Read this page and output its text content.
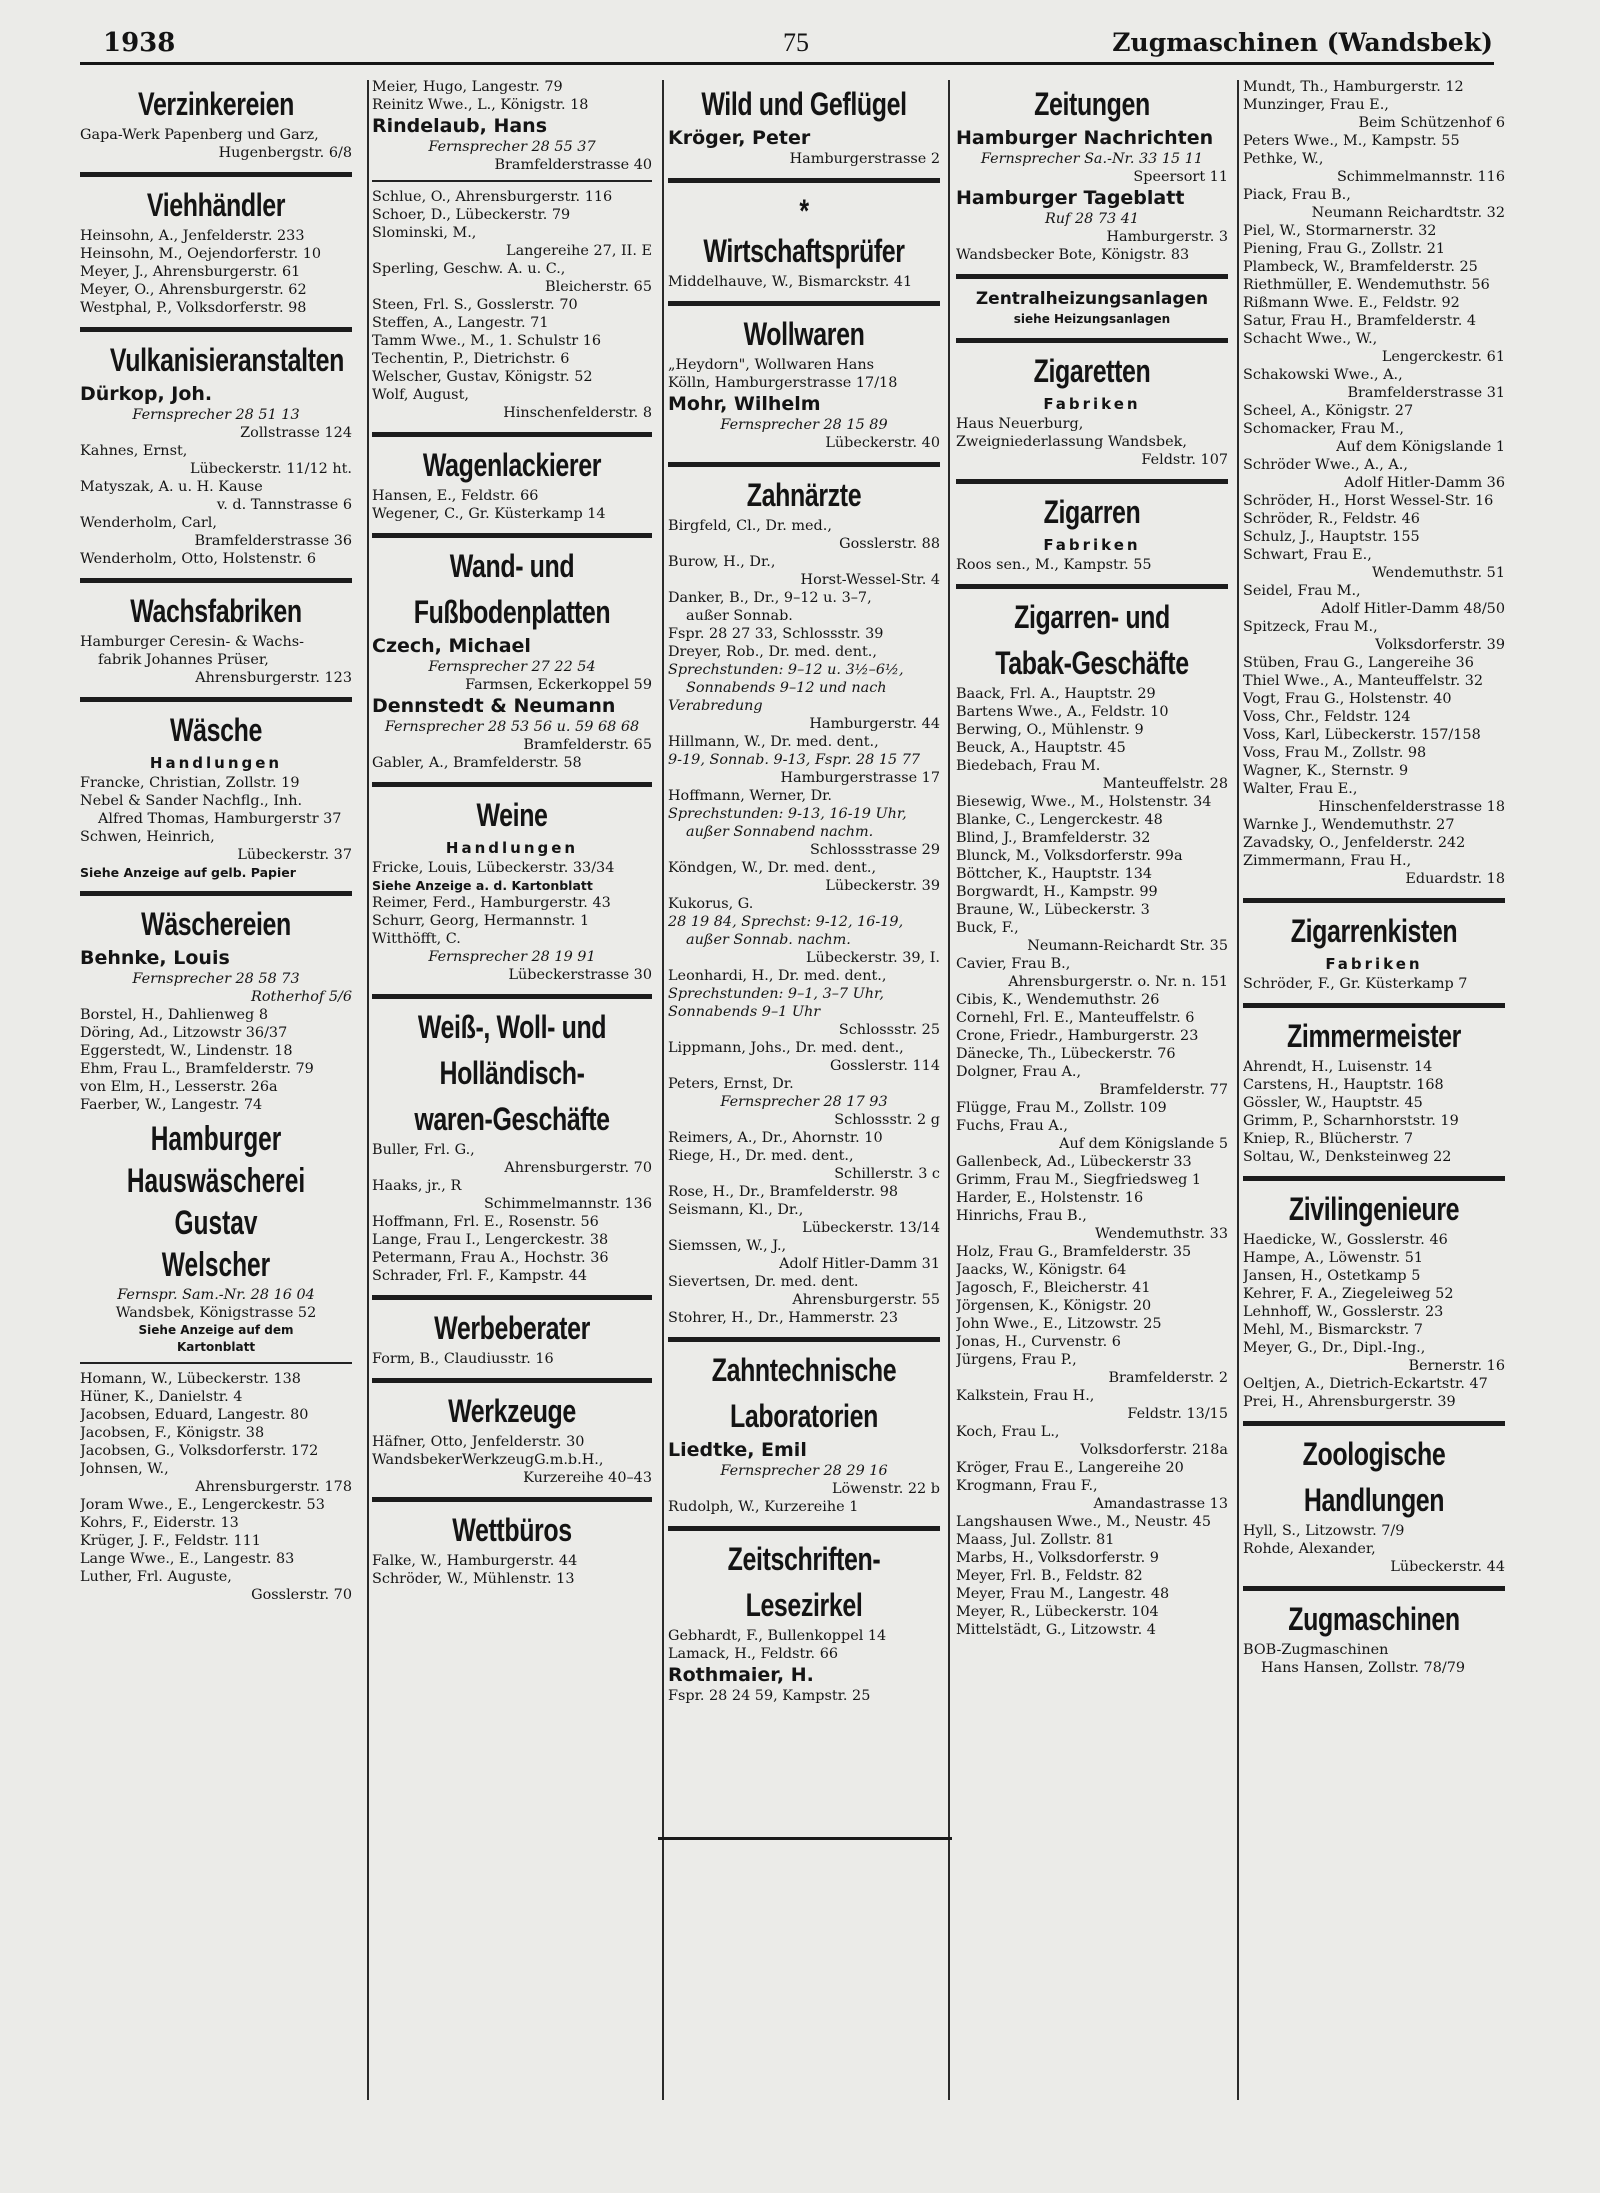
1938	75	Zugmaschinen (Wandsbek)
Verzinkereien
Gapa-Werk Papenberg und Garz,
Hugenbergstr. 6/8
Viehhändler
Heinsohn, A., Jenfelderstr. 233
Heinsohn, M., Oejendorferstr. 10
Meyer, J., Ahrensburgerstr. 61
Meyer, O., Ahrensburgerstr. 62
Westphal, P., Volksdorferstr. 98
Vulkanisieranstalten
Dürkop, Joh.
Fernsprecher 28 51 13
Zollstrasse 124
Kahnes, Ernst,
Lübeckerstr. 11/12 ht.
Matyszak, A. u. H. Kause
v. d. Tannstrasse 6
Wenderholm, Carl,
Bramfelderstrasse 36
Wenderholm, Otto, Holstenstr. 6
Wachsfabriken
Hamburger Ceresin- & Wachs-
fabrik Johannes Prüser,
Ahrensburgerstr. 123
Wäsche
Handlungen
Francke, Christian, Zollstr. 19
Nebel & Sander Nachflg., Inh.
Alfred Thomas, Hamburgerstr 37
Schwen, Heinrich,
Lübeckerstr. 37
Siehe Anzeige auf gelb. Papier
Wäschereien
Behnke, Louis
Fernsprecher 28 58 73
Rotherhof 5/6
Borstel, H., Dahlienweg 8
Döring, Ad., Litzowstr 36/37
Eggerstedt, W., Lindenstr. 18
Ehm, Frau L., Bramfelderstr. 79
von Elm, H., Lesserstr. 26a
Faerber, W., Langestr. 74
Hamburger
Hauswäscherei
Gustav Welscher
Fernspr. Sam.-Nr. 28 16 04
Wandsbek, Königstrasse 52
Siehe Anzeige auf dem
Kartonblatt
Homann, W., Lübeckerstr. 138
Hüner, K., Danielstr. 4
Jacobsen, Eduard, Langestr. 80
Jacobsen, F., Königstr. 38
Jacobsen, G., Volksdorferstr. 172
Johnsen, W.,
Ahrensburgerstr. 178
Joram Wwe., E., Lengerckestr. 53
Kohrs, F., Eiderstr. 13
Krüger, J. F., Feldstr. 111
Lange Wwe., E., Langestr. 83
Luther, Frl. Auguste,
Gosslerstr. 70
Meier, Hugo, Langestr. 79
Reinitz Wwe., L., Königstr. 18
Rindelaub, Hans
Fernsprecher 28 55 37
Bramfelderstrasse 40
Schlue, O., Ahrensburgerstr. 116
Schoer, D., Lübeckerstr. 79
Slominski, M.,
Langereihe 27, II. E
Sperling, Geschw. A. u. C.,
Bleicherstr. 65
Steen, Frl. S., Gosslerstr. 70
Steffen, A., Langestr. 71
Tamm Wwe., M., 1. Schulstr 16
Techentin, P., Dietrichstr. 6
Welscher, Gustav, Königstr. 52
Wolf, August,
Hinschenfelderstr. 8
Wagenlackierer
Hansen, E., Feldstr. 66
Wegener, C., Gr. Küsterkamp 14
Wand- und
Fußbodenplatten
Czech, Michael
Fernsprecher 27 22 54
Farmsen, Eckerkoppel 59
Dennstedt & Neumann
Fernsprecher 28 53 56 u. 59 68 68
Bramfelderstr. 65
Gabler, A., Bramfelderstr. 58
Weine
Handlungen
Fricke, Louis, Lübeckerstr. 33/34
Siehe Anzeige a. d. Kartonblatt
Reimer, Ferd., Hamburgerstr. 43
Schurr, Georg, Hermannstr. 1
Witthöfft, C.
Fernsprecher 28 19 91
Lübeckerstrasse 30
Weiß-, Woll- und
Holländisch-
waren-Geschäfte
Buller, Frl. G.,
Ahrensburgerstr. 70
Haaks, jr., R
Schimmelmannstr. 136
Hoffmann, Frl. E., Rosenstr. 56
Lange, Frau I., Lengerckestr. 38
Petermann, Frau A., Hochstr. 36
Schrader, Frl. F., Kampstr. 44
Werbeberater
Form, B., Claudiusstr. 16
Werkzeuge
Häfner, Otto, Jenfelderstr. 30
WandsbekerWerkzeugG.m.b.H.,
Kurzereihe 40–43
Wettbüros
Falke, W., Hamburgerstr. 44
Schröder, W., Mühlenstr. 13
Wild und Geflügel
Kröger, Peter
Hamburgerstrasse 2
* Wirtschaftsprüfer
Middelhauve, W., Bismarckstr. 41
Wollwaren
„Heydorn", Wollwaren Hans
Kölln, Hamburgerstrasse 17/18
Mohr, Wilhelm
Fernsprecher 28 15 89
Lübeckerstr. 40
Zahnärzte
Birgfeld, Cl., Dr. med.,
Gosslerstr. 88
Burow, H., Dr.,
Horst-Wessel-Str. 4
Danker, B., Dr., 9–12 u. 3–7,
außer Sonnab.
Fspr. 28 27 33, Schlossstr. 39
Dreyer, Rob., Dr. med. dent.,
Sprechstunden: 9–12 u. 3½–6½,
Sonnabends 9–12 und nach
Verabredung
Hamburgerstr. 44
Hillmann, W., Dr. med. dent.,
9-19, Sonnab. 9-13, Fspr. 28 15 77
Hamburgerstrasse 17
Hoffmann, Werner, Dr.
Sprechstunden: 9-13, 16-19 Uhr,
außer Sonnabend nachm.
Schlossstrasse 29
Köndgen, W., Dr. med. dent.,
Lübeckerstr. 39
Kukorus, G.
28 19 84, Sprechst: 9-12, 16-19,
außer Sonnab. nachm.
Lübeckerstr. 39, I.
Leonhardi, H., Dr. med. dent.,
Sprechstunden: 9–1, 3–7 Uhr,
Sonnabends 9–1 Uhr
Schlossstr. 25
Lippmann, Johs., Dr. med. dent.,
Gosslerstr. 114
Peters, Ernst, Dr.
Fernsprecher 28 17 93
Schlossstr. 2 g
Reimers, A., Dr., Ahornstr. 10
Riege, H., Dr. med. dent.,
Schillerstr. 3 c
Rose, H., Dr., Bramfelderstr. 98
Seismann, Kl., Dr.,
Lübeckerstr. 13/14
Siemssen, W., J.,
Adolf Hitler-Damm 31
Sievertsen, Dr. med. dent.
Ahrensburgerstr. 55
Stohrer, H., Dr., Hammerstr. 23
Zahntechnische
Laboratorien
Liedtke, Emil
Fernsprecher 28 29 16
Löwenstr. 22 b
Rudolph, W., Kurzereihe 1
Zeitschriften-
Lesezirkel
Gebhardt, F., Bullenkoppel 14
Lamack, H., Feldstr. 66
Rothmaier, H.
Fspr. 28 24 59, Kampstr. 25
Zeitungen
Hamburger Nachrichten
Fernsprecher Sa.-Nr. 33 15 11
Speersort 11
Hamburger Tageblatt
Ruf 28 73 41
Hamburgerstr. 3
Wandsbecker Bote, Königstr. 83
Zentralheizungsanlagen
siehe Heizungsanlagen
Zigaretten
Fabriken
Haus Neuerburg,
Zweigniederlassung Wandsbek,
Feldstr. 107
Zigarren
Fabriken
Roos sen., M., Kampstr. 55
Zigarren- und
Tabak-Geschäfte
Baack, Frl. A., Hauptstr. 29
Bartens Wwe., A., Feldstr. 10
Berwing, O., Mühlenstr. 9
Beuck, A., Hauptstr. 45
Biedebach, Frau M.
Manteuffelstr. 28
Biesewig, Wwe., M., Holstenstr. 34
Blanke, C., Lengerckestr. 48
Blind, J., Bramfelderstr. 32
Blunck, M., Volksdorferstr. 99a
Böttcher, K., Hauptstr. 134
Borgwardt, H., Kampstr. 99
Braune, W., Lübeckerstr. 3
Buck, F.,
Neumann-Reichardt Str. 35
Cavier, Frau B.,
Ahrensburgerstr. o. Nr. n. 151
Cibis, K., Wendemuthstr. 26
Cornehl, Frl. E., Manteuffelstr. 6
Crone, Friedr., Hamburgerstr. 23
Dänecke, Th., Lübeckerstr. 76
Dolgner, Frau A.,
Bramfelderstr. 77
Flügge, Frau M., Zollstr. 109
Fuchs, Frau A.,
Auf dem Königslande 5
Gallenbeck, Ad., Lübeckerstr 33
Grimm, Frau M., Siegfriedsweg 1
Harder, E., Holstenstr. 16
Hinrichs, Frau B.,
Wendemuthstr. 33
Holz, Frau G., Bramfelderstr. 35
Jaacks, W., Königstr. 64
Jagosch, F., Bleicherstr. 41
Jörgensen, K., Königstr. 20
John Wwe., E., Litzowstr. 25
Jonas, H., Curvenstr. 6
Jürgens, Frau P.,
Bramfelderstr. 2
Kalkstein, Frau H.,
Feldstr. 13/15
Koch, Frau L.,
Volksdorferstr. 218a
Kröger, Frau E., Langereihe 20
Krogmann, Frau F.,
Amandastrasse 13
Langshausen Wwe., M., Neustr. 45
Maass, Jul. Zollstr. 81
Marbs, H., Volksdorferstr. 9
Meyer, Frl. B., Feldstr. 82
Meyer, Frau M., Langestr. 48
Meyer, R., Lübeckerstr. 104
Mittelstädt, G., Litzowstr. 4
Mundt, Th., Hamburgerstr. 12
Munzinger, Frau E.,
Beim Schützenhof 6
Peters Wwe., M., Kampstr. 55
Pethke, W.,
Schimmelmannstr. 116
Piack, Frau B.,
Neumann Reichardtstr. 32
Piel, W., Stormarnerstr. 32
Piening, Frau G., Zollstr. 21
Plambeck, W., Bramfelderstr. 25
Riethmüller, E. Wendemuthstr. 56
Rißmann Wwe. E., Feldstr. 92
Satur, Frau H., Bramfelderstr. 4
Schacht Wwe., W.,
Lengerckestr. 61
Schakowski Wwe., A.,
Bramfelderstrasse 31
Scheel, A., Königstr. 27
Schomacker, Frau M.,
Auf dem Königslande 1
Schröder Wwe., A., A.,
Adolf Hitler-Damm 36
Schröder, H., Horst Wessel-Str. 16
Schröder, R., Feldstr. 46
Schulz, J., Hauptstr. 155
Schwart, Frau E.,
Wendemuthstr. 51
Seidel, Frau M.,
Adolf Hitler-Damm 48/50
Spitzeck, Frau M.,
Volksdorferstr. 39
Stüben, Frau G., Langereihe 36
Thiel Wwe., A., Manteuffelstr. 32
Vogt, Frau G., Holstenstr. 40
Voss, Chr., Feldstr. 124
Voss, Karl, Lübeckerstr. 157/158
Voss, Frau M., Zollstr. 98
Wagner, K., Sternstr. 9
Walter, Frau E.,
Hinschenfelderstrasse 18
Warnke J., Wendemuthstr. 27
Zavadsky, O., Jenfelderstr. 242
Zimmermann, Frau H.,
Eduardstr. 18
Zigarrenkisten
Fabriken
Schröder, F., Gr. Küsterkamp 7
Zimmermeister
Ahrendt, H., Luisenstr. 14
Carstens, H., Hauptstr. 168
Gössler, W., Hauptstr. 45
Grimm, P., Scharnhorststr. 19
Kniep, R., Blücherstr. 7
Soltau, W., Denksteinweg 22
Zivilingenieure
Haedicke, W., Gosslerstr. 46
Hampe, A., Löwenstr. 51
Jansen, H., Ostetkamp 5
Kehrer, F. A., Ziegeleiweg 52
Lehnhoff, W., Gosslerstr. 23
Mehl, M., Bismarckstr. 7
Meyer, G., Dr., Dipl.-Ing.,
Bernerstr. 16
Oeltjen, A., Dietrich-Eckartstr. 47
Prei, H., Ahrensburgerstr. 39
Zoologische
Handlungen
Hyll, S., Litzowstr. 7/9
Rohde, Alexander,
Lübeckerstr. 44
Zugmaschinen
BOB-Zugmaschinen
Hans Hansen, Zollstr. 78/79
